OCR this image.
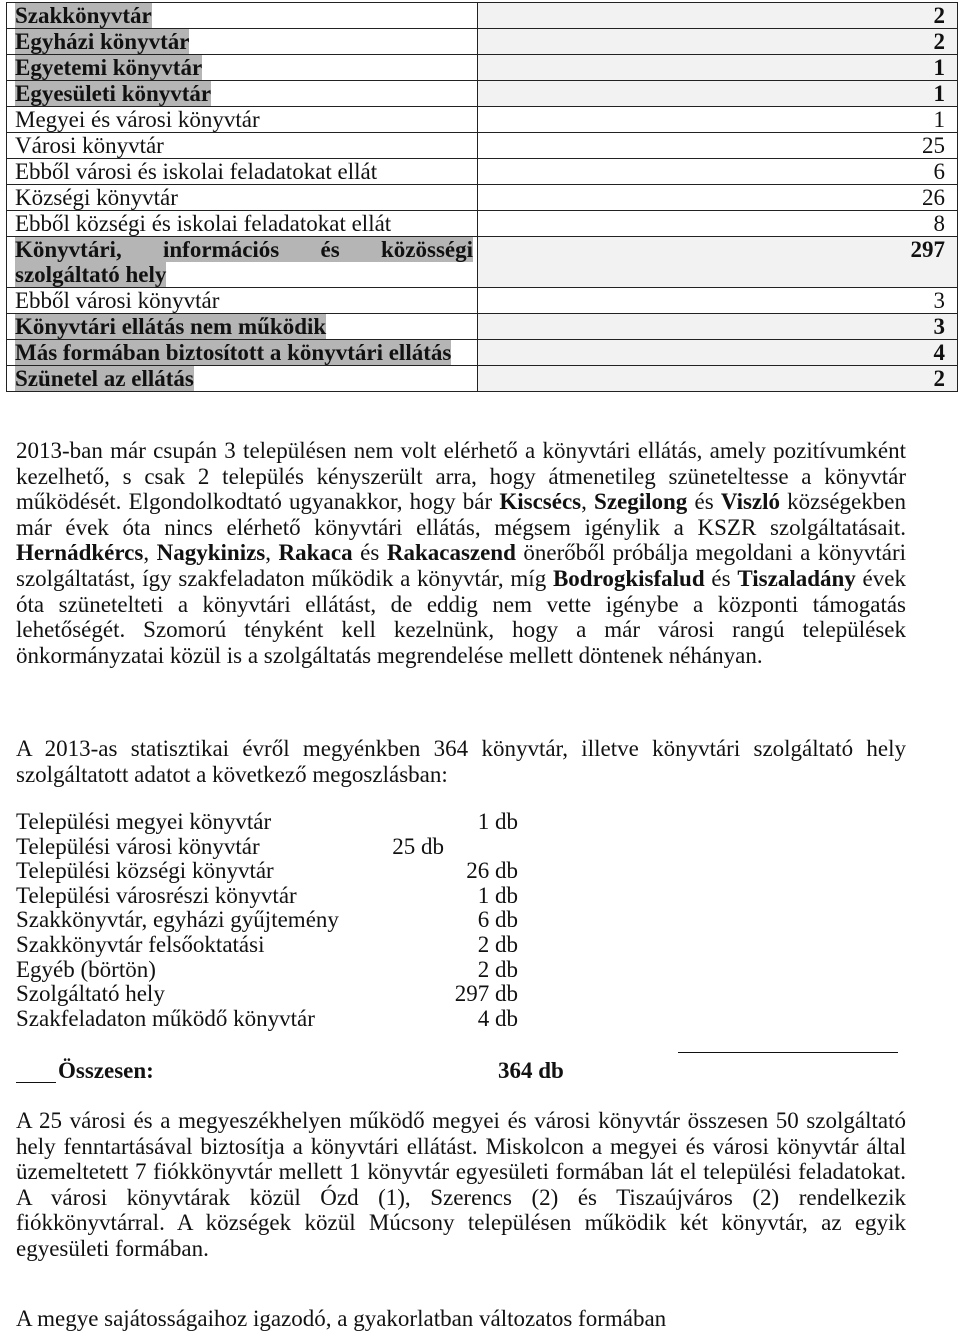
Szakkönyvtár	2
Egyházi könyvtár	2
Egyetemi könyvtár	1
Egyesületi könyvtár	1
Megyei és városi könyvtár	1
Városi könyvtár	25
Ebből városi és iskolai feladatokat ellát	6
Községi könyvtár	26
Ebből községi és iskolai feladatokat ellát	8
Könyvtári, információs és közösségi szolgáltató hely	297
Ebből városi könyvtár	3
Könyvtári ellátás nem működik	3
Más formában biztosított a könyvtári ellátás	4
Szünetel az ellátás	2
2013-ban már csupán 3 településen nem volt elérhető a könyvtári ellátás, amely pozitívumként kezelhető, s csak 2 település kényszerült arra, hogy átmenetileg szüneteltesse a könyvtár működését. Elgondolkodtató ugyanakkor, hogy bár Kiscsécs, Szegilong és Viszló községekben már évek óta nincs elérhető könyvtári ellátás, mégsem igénylik a KSZR szolgáltatásait. Hernádkércs, Nagykinizs, Rakaca és Rakacaszend önerőből próbálja megoldani a könyvtári szolgáltatást, így szakfeladaton működik a könyvtár, míg Bodrogkisfalud és Tiszaladány évek óta szünetelteti a könyvtári ellátást, de eddig nem vette igénybe a központi támogatás lehetőségét. Szomorú tényként kell kezelnünk, hogy a már városi rangú települések önkormányzatai közül is a szolgáltatás megrendelése mellett döntenek néhányan.
A 2013-as statisztikai évről megyénkben 364 könyvtár, illetve könyvtári szolgáltató hely szolgáltatott adatot a következő megoszlásban:
Települési megyei könyvtár	1 db
Települési városi könyvtár	25 db
Települési községi könyvtár	26 db
Települési városrészi könyvtár	1 db
Szakkönyvtár, egyházi gyűjtemény	6 db
Szakkönyvtár felsőoktatási	2 db
Egyéb (börtön)	2 db
Szolgáltató hely	297 db
Szakfeladaton működő könyvtár	4 db
Összesen:	364 db
A 25 városi és a megyeszékhelyen működő megyei és városi könyvtár összesen 50 szolgáltató hely fenntartásával biztosítja a könyvtári ellátást. Miskolcon a megyei és városi könyvtár által üzemeltetett 7 fiókkönyvtár mellett 1 könyvtár egyesületi formában lát el települési feladatokat. A városi könyvtárak közül Ózd (1), Szerencs (2) és Tiszaújváros (2) rendelkezik fiókkönyvtárral. A községek közül Múcsony településen működik két könyvtár, az egyik egyesületi formában.
A megye sajátosságaihoz igazodó, a gyakorlatban változatos formában
